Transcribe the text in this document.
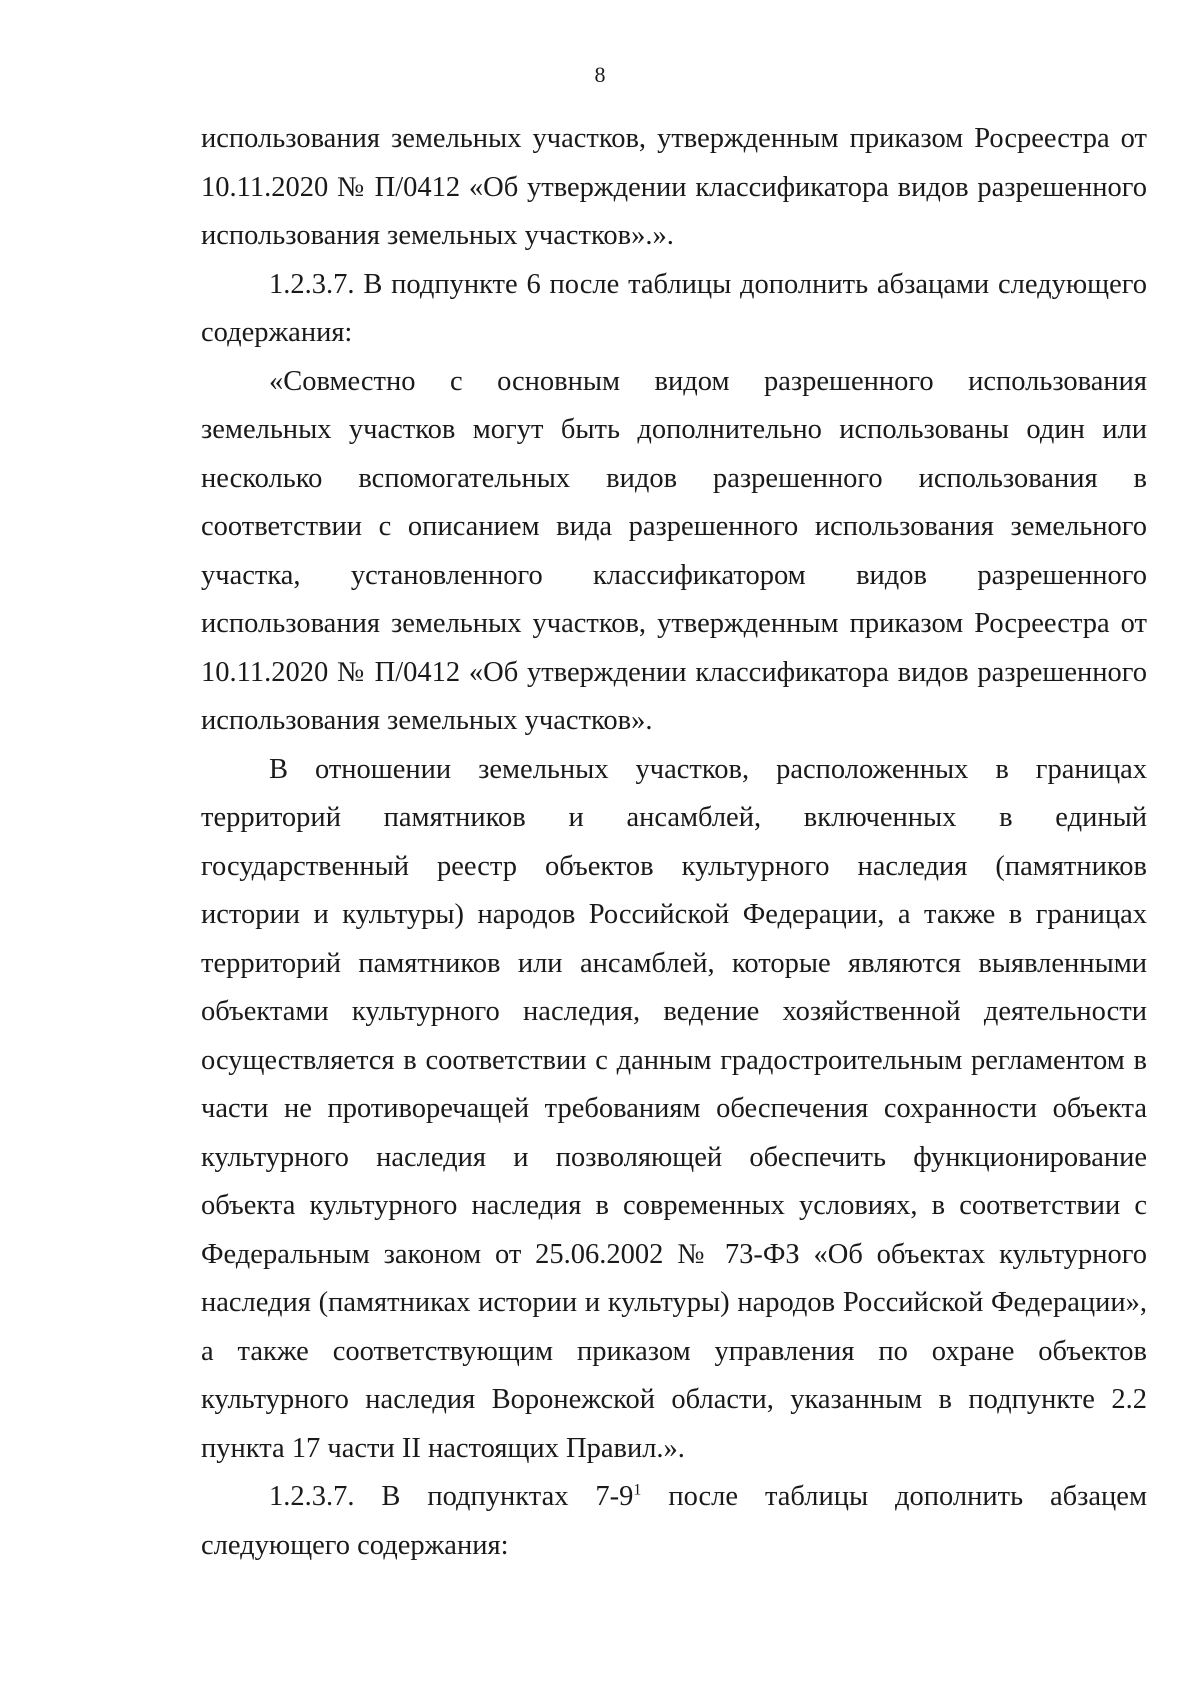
8

использования земельных участков, утвержденным приказом Росреестра от 10.11.2020 № П/0412 «Об утверждении классификатора видов разрешенного использования земельных участков».».

1.2.3.7. В подпункте 6 после таблицы дополнить абзацами следующего содержания:

«Совместно с основным видом разрешенного использования земельных участков могут быть дополнительно использованы один или несколько вспомогательных видов разрешенного использования в соответствии с описанием вида разрешенного использования земельного участка, установленного классификатором видов разрешенного использования земельных участков, утвержденным приказом Росреестра от 10.11.2020 № П/0412 «Об утверждении классификатора видов разрешенного использования земельных участков».

В отношении земельных участков, расположенных в границах территорий памятников и ансамблей, включенных в единый государственный реестр объектов культурного наследия (памятников истории и культуры) народов Российской Федерации, а также в границах территорий памятников или ансамблей, которые являются выявленными объектами культурного наследия, ведение хозяйственной деятельности осуществляется в соответствии с данным градостроительным регламентом в части не противоречащей требованиям обеспечения сохранности объекта культурного наследия и позволяющей обеспечить функционирование объекта культурного наследия в современных условиях, в соответствии с Федеральным законом от 25.06.2002 № 73-ФЗ «Об объектах культурного наследия (памятниках истории и культуры) народов Российской Федерации», а также соответствующим приказом управления по охране объектов культурного наследия Воронежской области, указанным в подпункте 2.2 пункта 17 части II настоящих Правил.».

1.2.3.7. В подпунктах $7-9^1$ после таблицы дополнить абзацем следующего содержания:
